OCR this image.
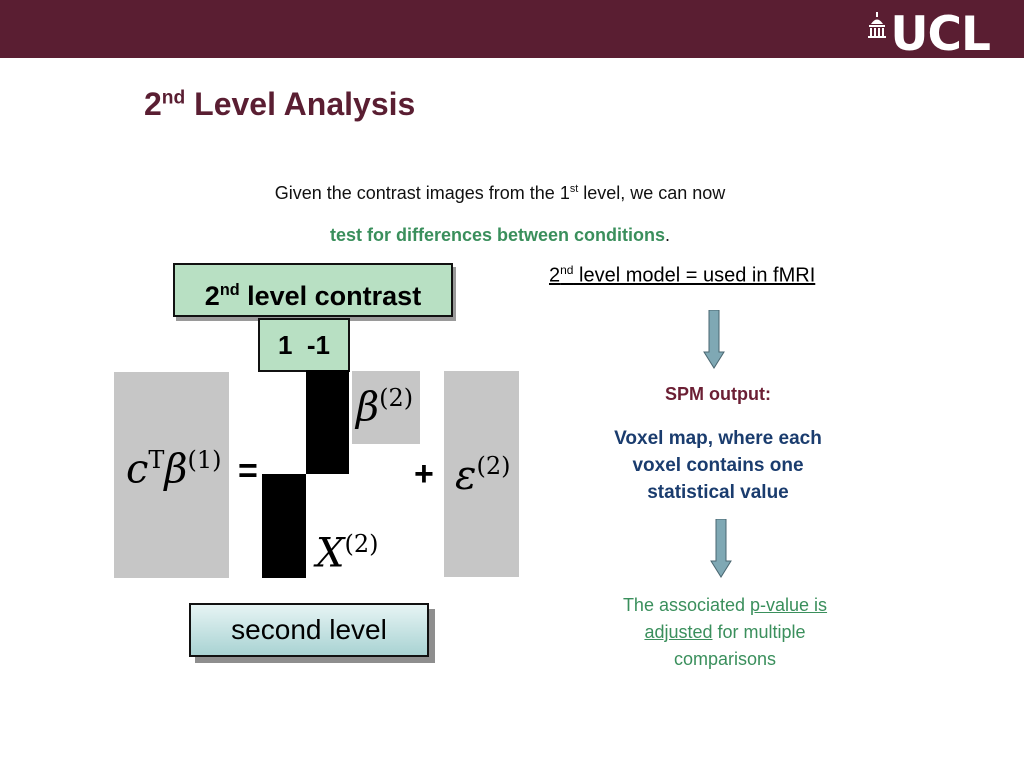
UCL
2nd Level Analysis
Given the contrast images from the 1st level, we can now
test for differences between conditions.
2nd level contrast
1  -1
$c^T\beta^{(1)}$ =
$X^{(2)}$
$\beta^{(2)}$
+ $\varepsilon^{(2)}$
second level
2nd level model = used in fMRI
SPM output:
Voxel map, where each
voxel contains one
statistical value
The associated p-value is
adjusted for multiple
comparisons
